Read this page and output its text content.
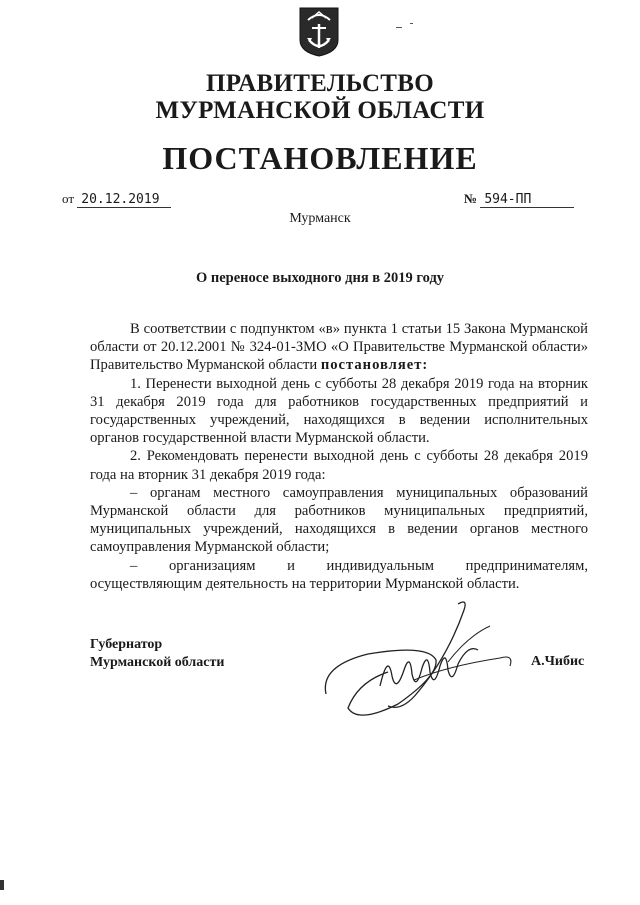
ПРАВИТЕЛЬСТВО
МУРМАНСКОЙ ОБЛАСТИ
ПОСТАНОВЛЕНИЕ
от 20.12.2019	№ 594-ПП
Мурманск
О переносе выходного дня в 2019 году

В соответствии с подпунктом «в» пункта 1 статьи 15 Закона Мурманской области от 20.12.2001 № 324-01-ЗМО «О Правительстве Мурманской области» Правительство Мурманской области постановляет:

1. Перенести выходной день с субботы 28 декабря 2019 года на вторник 31 декабря 2019 года для работников государственных предприятий и государственных учреждений, находящихся в ведении исполнительных органов государственной власти Мурманской области.

2. Рекомендовать перенести выходной день с субботы 28 декабря 2019 года на вторник 31 декабря 2019 года:

– органам местного самоуправления муниципальных образований Мурманской области для работников муниципальных предприятий, муниципальных учреждений, находящихся в ведении органов местного самоуправления Мурманской области;

– организациям и индивидуальным предпринимателям, осуществляющим деятельность на территории Мурманской области.

Губернатор
Мурманской области	А.Чибис
